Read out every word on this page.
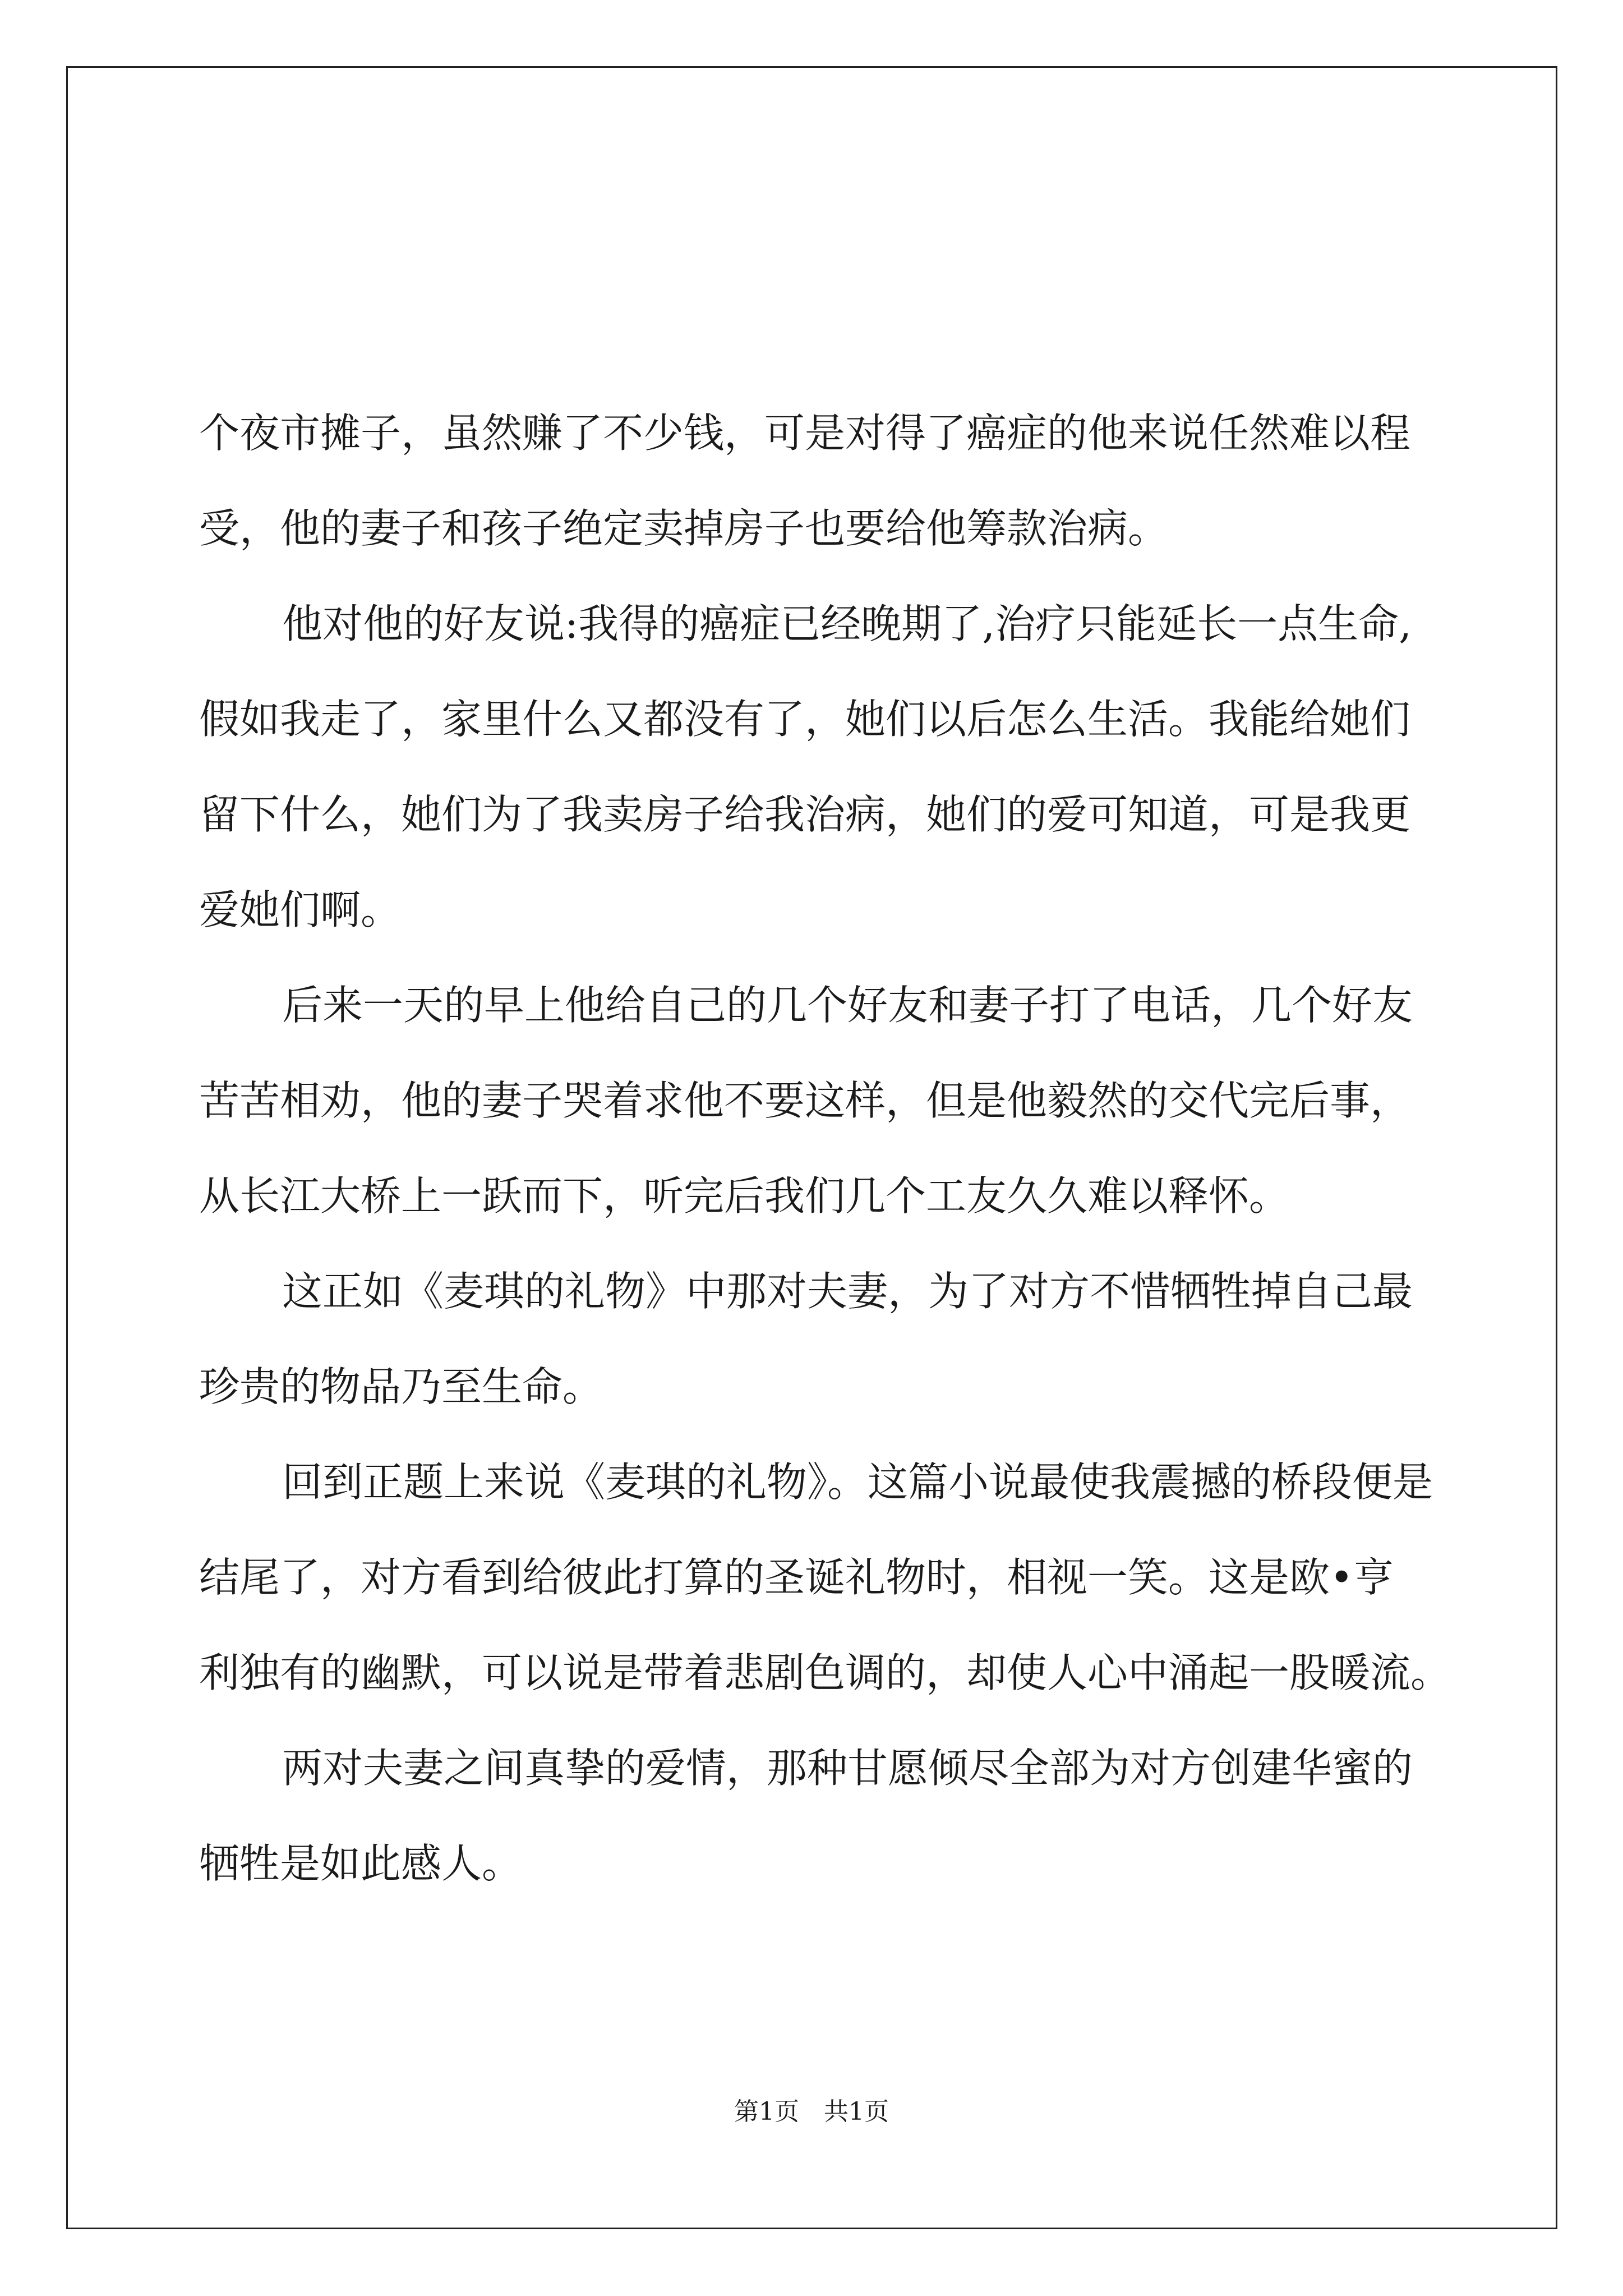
个夜市摊子，虽然赚了不少钱，可是对得了癌症的他来说任然难以程
受，他的妻子和孩子绝定卖掉房子也要给他筹款治病。
他对他的好友说:我得的癌症已经晚期了,治疗只能延长一点生命,
假如我走了，家里什么又都没有了，她们以后怎么生活。我能给她们
留下什么，她们为了我卖房子给我治病，她们的爱可知道，可是我更
爱她们啊。
后来一天的早上他给自己的几个好友和妻子打了电话，几个好友
苦苦相劝，他的妻子哭着求他不要这样，但是他毅然的交代完后事，
从长江大桥上一跃而下，听完后我们几个工友久久难以释怀。
这正如《麦琪的礼物》中那对夫妻，为了对方不惜牺牲掉自己最
珍贵的物品乃至生命。
回到正题上来说《麦琪的礼物》。这篇小说最使我震撼的桥段便是
结尾了，对方看到给彼此打算的圣诞礼物时，相视一笑。这是欧•亨
利独有的幽默，可以说是带着悲剧色调的，却使人心中涌起一股暖流。
两对夫妻之间真挚的爱情，那种甘愿倾尽全部为对方创建华蜜的
牺牲是如此感人。
第1页　共1页
